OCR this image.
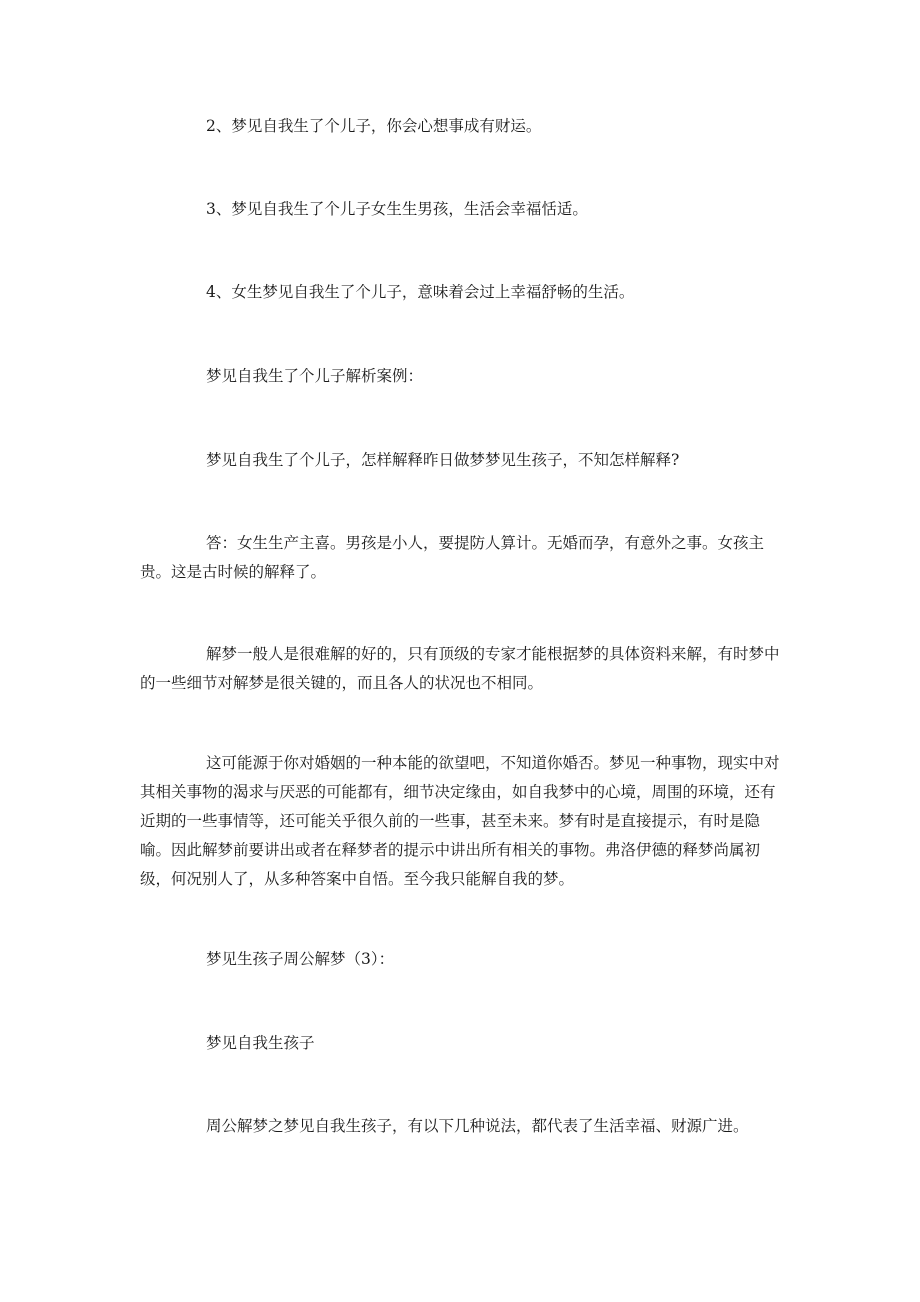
2、梦见自我生了个儿子，你会心想事成有财运。

3、梦见自我生了个儿子女生生男孩，生活会幸福恬适。

4、女生梦见自我生了个儿子，意味着会过上幸福舒畅的生活。

梦见自我生了个儿子解析案例：

梦见自我生了个儿子，怎样解释昨日做梦梦见生孩子，不知怎样解释?

答：女生生产主喜。男孩是小人，要提防人算计。无婚而孕，有意外之事。女孩主贵。这是古时候的解释了。

解梦一般人是很难解的好的，只有顶级的专家才能根据梦的具体资料来解，有时梦中的一些细节对解梦是很关键的，而且各人的状况也不相同。

这可能源于你对婚姻的一种本能的欲望吧，不知道你婚否。梦见一种事物，现实中对其相关事物的渴求与厌恶的可能都有，细节决定缘由，如自我梦中的心境，周围的环境，还有近期的一些事情等，还可能关乎很久前的一些事，甚至未来。梦有时是直接提示，有时是隐喻。因此解梦前要讲出或者在释梦者的提示中讲出所有相关的事物。弗洛伊德的释梦尚属初级，何况别人了，从多种答案中自悟。至今我只能解自我的梦。

梦见生孩子周公解梦（3）：

梦见自我生孩子

周公解梦之梦见自我生孩子，有以下几种说法，都代表了生活幸福、财源广进。
